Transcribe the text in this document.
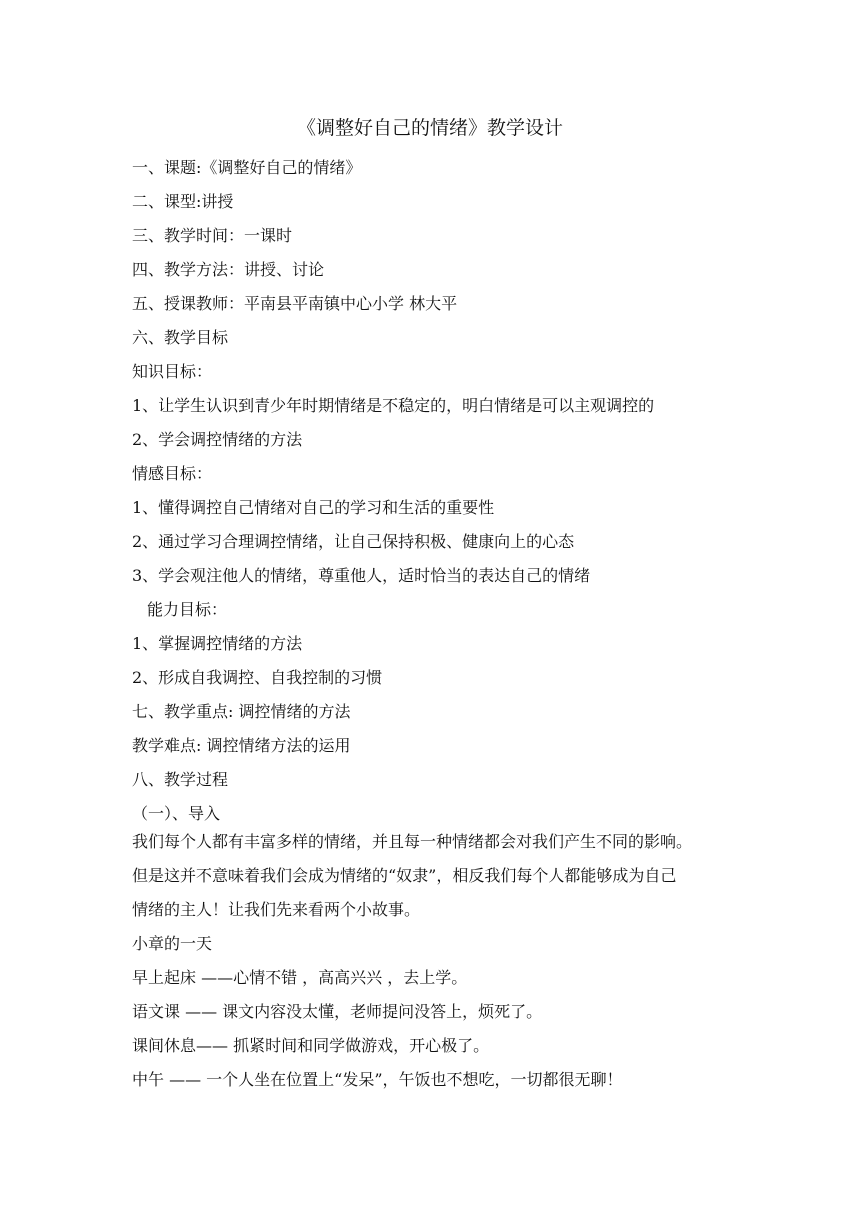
《调整好自己的情绪》教学设计
一、课题:《调整好自己的情绪》
二、课型:讲授
三、教学时间：一课时
四、教学方法：讲授、讨论
五、授课教师：平南县平南镇中心小学 林大平
六、教学目标
知识目标：
1、让学生认识到青少年时期情绪是不稳定的，明白情绪是可以主观调控的
2、学会调控情绪的方法
情感目标：
1、懂得调控自己情绪对自己的学习和生活的重要性
2、通过学习合理调控情绪，让自己保持积极、健康向上的心态
3、学会观注他人的情绪，尊重他人，适时恰当的表达自己的情绪
能力目标：
1、掌握调控情绪的方法
2、形成自我调控、自我控制的习惯
七、教学重点: 调控情绪的方法
教学难点: 调控情绪方法的运用
八、教学过程
（一）、导入
我们每个人都有丰富多样的情绪，并且每一种情绪都会对我们产生不同的影响。
但是这并不意味着我们会成为情绪的“奴隶”，相反我们每个人都能够成为自己
情绪的主人！让我们先来看两个小故事。
小章的一天
早上起床 ——心情不错 ，高高兴兴 ，去上学。
语文课 —— 课文内容没太懂，老师提问没答上，烦死了。
课间休息—— 抓紧时间和同学做游戏，开心极了。
中午 —— 一个人坐在位置上“发呆”，午饭也不想吃，一切都很无聊！
